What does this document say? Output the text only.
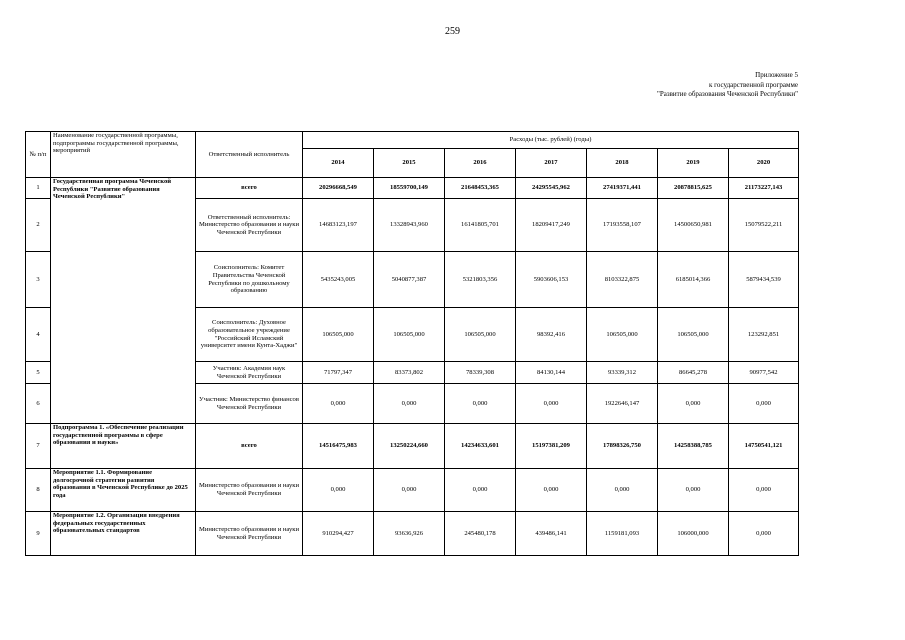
259
Приложение 5
к государственной программе
"Развитие образования Чеченской Республики"
№ п/п	Наименование государственной программы, подпрограммы государственной программы, мероприятий	Ответственный исполнитель	Расходы (тыс. рублей) (годы)						
			2014	2015	2016	2017	2018	2019	2020
1	Государственная программа Чеченской Республики "Развитие образования Чеченской Республики"	всего	20296668,549	18559700,149	21648453,365	24295545,962	27419371,441	20878815,625	21173227,143
2		Ответственный исполнитель: Министерство образования и науки Чеченской Республики	14683123,197	13328943,960	16141805,701	18209417,249	17193558,107	14500650,981	15079522,211
3		Соисполнитель: Комитет Правительства Чеченской Республики по дошкольному образованию	5435243,005	5040877,387	5321803,356	5903606,153	8103322,875	6185014,366	5879434,539
4		Соисполнитель: Духовное образовательное учреждение "Российский Исламский университет имени Кунта-Хаджи"	106505,000	106505,000	106505,000	98392,416	106505,000	106505,000	123292,851
5		Участник: Академия наук Чеченской Республики	71797,347	83373,802	78339,308	84130,144	93339,312	86645,278	90977,542
6		Участник: Министерство финансов Чеченской Республики	0,000	0,000	0,000	0,000	1922646,147	0,000	0,000
7	Подпрограмма 1. «Обеспечение реализации государственной программы в сфере образования и науки»	всего	14516475,983	13250224,660	14234633,601	15197381,209	17898326,750	14258388,785	14750541,121
8	Мероприятие 1.1. Формирование долгосрочной стратегии развития образования в Чеченской Республике до 2025 года	Министерство образования и науки Чеченской Республики	0,000	0,000	0,000	0,000	0,000	0,000	0,000
9	Мероприятие 1.2. Организация внедрения федеральных государственных образовательных стандартов	Министерство образования и науки Чеченской Республики	910294,427	93636,926	245480,178	439486,141	1159181,093	106000,000	0,000
